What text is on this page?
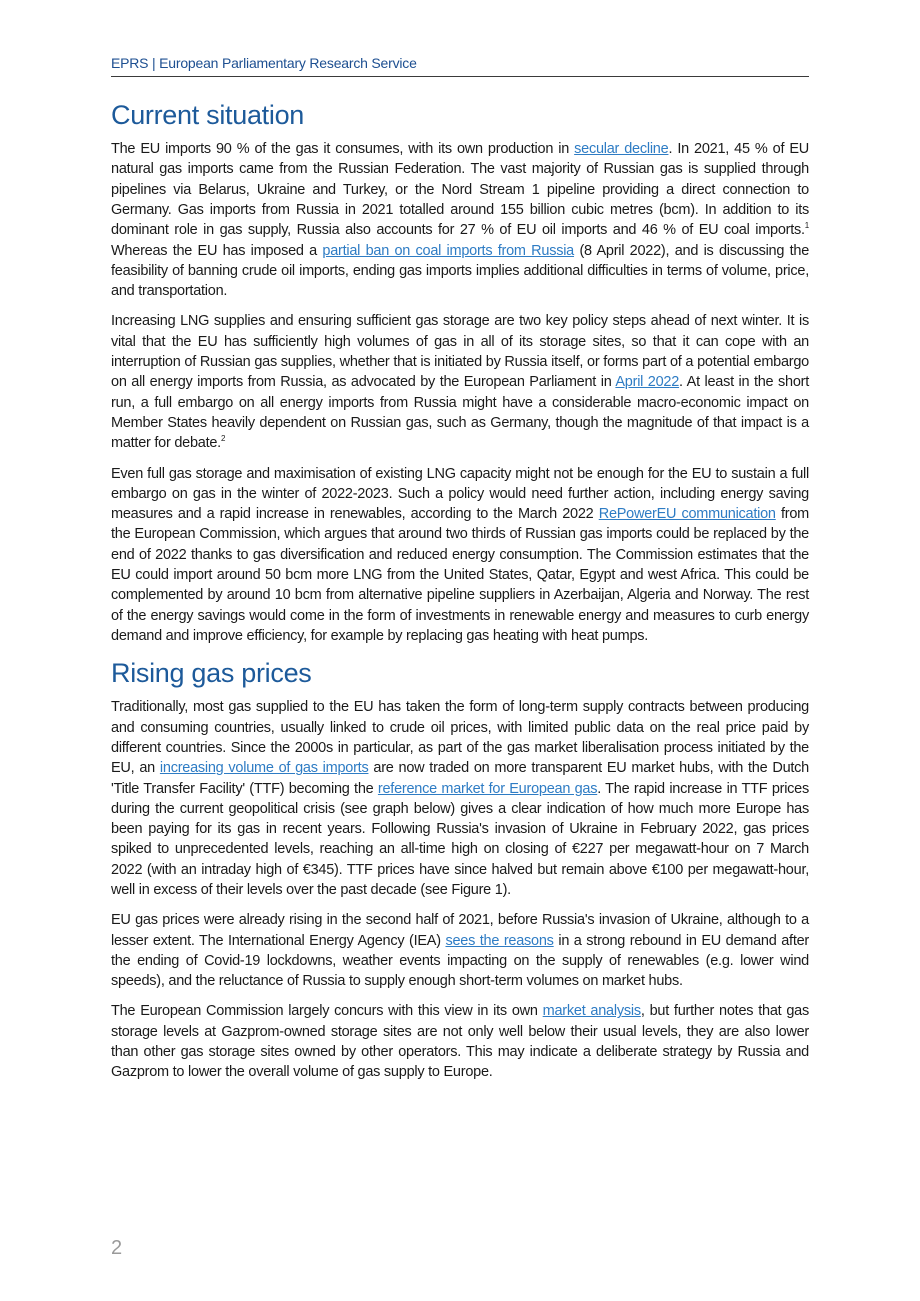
EPRS | European Parliamentary Research Service
Current situation

The EU imports 90 % of the gas it consumes, with its own production in secular decline. In 2021, 45 % of EU natural gas imports came from the Russian Federation. The vast majority of Russian gas is supplied through pipelines via Belarus, Ukraine and Turkey, or the Nord Stream 1 pipeline providing a direct connection to Germany. Gas imports from Russia in 2021 totalled around 155 billion cubic metres (bcm). In addition to its dominant role in gas supply, Russia also accounts for 27 % of EU oil imports and 46 % of EU coal imports.$^1$ Whereas the EU has imposed a partial ban on coal imports from Russia (8 April 2022), and is discussing the feasibility of banning crude oil imports, ending gas imports implies additional difficulties in terms of volume, price, and transportation.

Increasing LNG supplies and ensuring sufficient gas storage are two key policy steps ahead of next winter. It is vital that the EU has sufficiently high volumes of gas in all of its storage sites, so that it can cope with an interruption of Russian gas supplies, whether that is initiated by Russia itself, or forms part of a potential embargo on all energy imports from Russia, as advocated by the European Parliament in April 2022. At least in the short run, a full embargo on all energy imports from Russia might have a considerable macro-economic impact on Member States heavily dependent on Russian gas, such as Germany, though the magnitude of that impact is a matter for debate.$^2$

Even full gas storage and maximisation of existing LNG capacity might not be enough for the EU to sustain a full embargo on gas in the winter of 2022-2023. Such a policy would need further action, including energy saving measures and a rapid increase in renewables, according to the March 2022 RePowerEU communication from the European Commission, which argues that around two thirds of Russian gas imports could be replaced by the end of 2022 thanks to gas diversification and reduced energy consumption. The Commission estimates that the EU could import around 50 bcm more LNG from the United States, Qatar, Egypt and west Africa. This could be complemented by around 10 bcm from alternative pipeline suppliers in Azerbaijan, Algeria and Norway. The rest of the energy savings would come in the form of investments in renewable energy and measures to curb energy demand and improve efficiency, for example by replacing gas heating with heat pumps.

Rising gas prices

Traditionally, most gas supplied to the EU has taken the form of long-term supply contracts between producing and consuming countries, usually linked to crude oil prices, with limited public data on the real price paid by different countries. Since the 2000s in particular, as part of the gas market liberalisation process initiated by the EU, an increasing volume of gas imports are now traded on more transparent EU market hubs, with the Dutch 'Title Transfer Facility' (TTF) becoming the reference market for European gas. The rapid increase in TTF prices during the current geopolitical crisis (see graph below) gives a clear indication of how much more Europe has been paying for its gas in recent years. Following Russia's invasion of Ukraine in February 2022, gas prices spiked to unprecedented levels, reaching an all-time high on closing of €227 per megawatt-hour on 7 March 2022 (with an intraday high of €345). TTF prices have since halved but remain above €100 per megawatt-hour, well in excess of their levels over the past decade (see Figure 1).

EU gas prices were already rising in the second half of 2021, before Russia's invasion of Ukraine, although to a lesser extent. The International Energy Agency (IEA) sees the reasons in a strong rebound in EU demand after the ending of Covid-19 lockdowns, weather events impacting on the supply of renewables (e.g. lower wind speeds), and the reluctance of Russia to supply enough short-term volumes on market hubs.

The European Commission largely concurs with this view in its own market analysis, but further notes that gas storage levels at Gazprom-owned storage sites are not only well below their usual levels, they are also lower than other gas storage sites owned by other operators. This may indicate a deliberate strategy by Russia and Gazprom to lower the overall volume of gas supply to Europe.

2
